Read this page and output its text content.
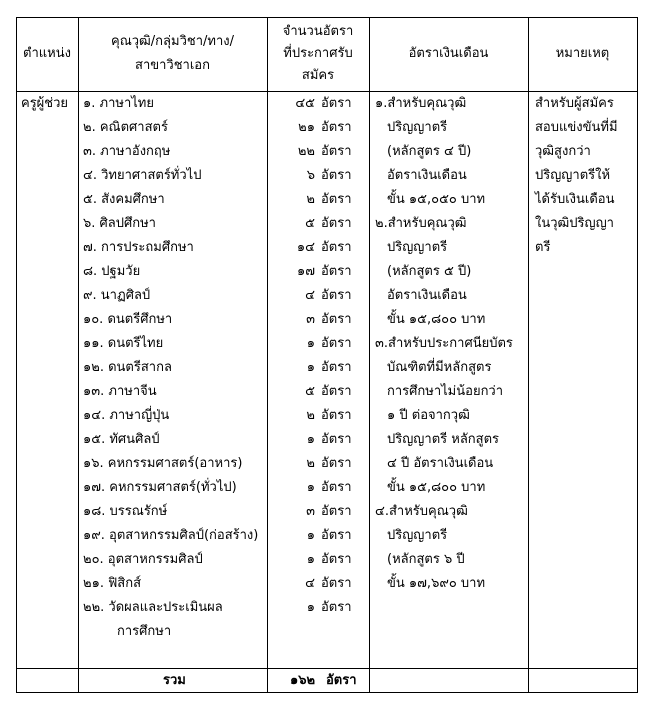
ตำแหน่ง
คุณวุฒิ/กลุ่มวิชา/ทาง/
สาขาวิชาเอก
จำนวนอัตรา
ที่ประกาศรับ
สมัคร
อัตราเงินเดือน	หมายเหตุ
ครูผู้ช่วย ๑. ภาษาไทย
๒. คณิตศาสตร์
๓. ภาษาอังกฤษ
๔. วิทยาศาสตร์ทั่วไป
๕. สังคมศึกษา
๖. ศิลปศึกษา
๗. การประถมศึกษา
๘. ปฐมวัย
๙. นาฏศิลป์
๑๐. ดนตรีศึกษา
๑๑. ดนตรีไทย
๑๒. ดนตรีสากล
๑๓. ภาษาจีน
๑๔. ภาษาญี่ปุ่น
๑๕. ทัศนศิลป์
๑๖. คหกรรมศาสตร์(อาหาร)
๑๗. คหกรรมศาสตร์(ทั่วไป)
๑๘. บรรณรักษ์
๑๙. อุตสาหกรรมศิลป์(ก่อสร้าง)
๒๐. อุตสาหกรรมศิลป์
๒๑. ฟิสิกส์
๒๒. วัดผลและประเมินผล
การศึกษา
๔๕ อัตรา
๒๑ อัตรา
๒๒ อัตรา
๖ อัตรา
๒ อัตรา
๕ อัตรา
๑๔ อัตรา
๑๗ อัตรา
๔ อัตรา
๓ อัตรา
๑ อัตรา
๑ อัตรา
๕ อัตรา
๒ อัตรา
๑ อัตรา
๒ อัตรา
๑ อัตรา
๓ อัตรา
๑ อัตรา
๑ อัตรา
๔ อัตรา
๑ อัตรา
๑.สำหรับคุณวุฒิ
ปริญญาตรี
(หลักสูตร ๔ ปี)
อัตราเงินเดือน
ขั้น ๑๕,๐๕๐ บาท
๒.สำหรับคุณวุฒิ
ปริญญาตรี
(หลักสูตร ๕ ปี)
อัตราเงินเดือน
ขั้น ๑๕,๘๐๐ บาท
๓.สำหรับประกาศนียบัตร
บัณฑิตที่มีหลักสูตร
การศึกษาไม่น้อยกว่า
๑ ปี ต่อจากวุฒิ
ปริญญาตรี หลักสูตร
๔ ปี อัตราเงินเดือน
ขั้น ๑๕,๘๐๐ บาท
๔.สำหรับคุณวุฒิ
ปริญญาตรี
(หลักสูตร ๖ ปี
ขั้น ๑๗,๖๙๐ บาท
สำหรับผู้สมัคร
สอบแข่งขันที่มี
วุฒิสูงกว่า
ปริญญาตรีให้
ได้รับเงินเดือน
ในวุฒิปริญญา
ตรี
รวม	๑๖๒ อัตรา
